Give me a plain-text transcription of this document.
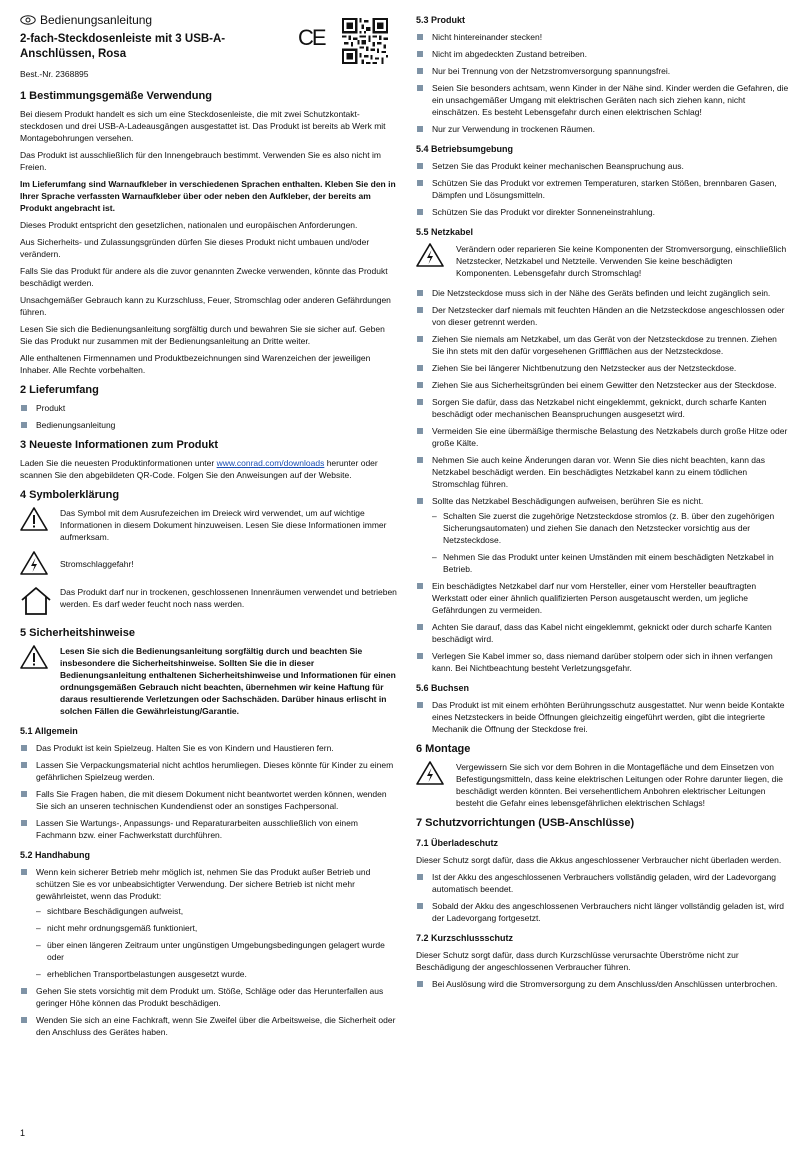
Bedienungsanleitung
2-fach-Steckdosenleiste mit 3 USB-A-Anschlüssen, Rosa
Best.-Nr. 2368895
CE
1 Bestimmungsgemäße Verwendung

Bei diesem Produkt handelt es sich um eine Steckdosenleiste, die mit zwei Schutzkontakt-steckdosen und drei USB-A-Ladeausgängen ausgestattet ist. Das Produkt ist bereits ab Werk mit Montagebohrungen versehen.

Das Produkt ist ausschließlich für den Innengebrauch bestimmt. Verwenden Sie es also nicht im Freien.

Im Lieferumfang sind Warnaufkleber in verschiedenen Sprachen enthalten. Kleben Sie den in Ihrer Sprache verfassten Warnaufkleber über oder neben den Aufkleber, der bereits am Produkt angebracht ist.

Dieses Produkt entspricht den gesetzlichen, nationalen und europäischen Anforderungen.

Aus Sicherheits- und Zulassungsgründen dürfen Sie dieses Produkt nicht umbauen und/oder verändern.

Falls Sie das Produkt für andere als die zuvor genannten Zwecke verwenden, könnte das Produkt beschädigt werden.

Unsachgemäßer Gebrauch kann zu Kurzschluss, Feuer, Stromschlag oder anderen Gefährdungen führen.

Lesen Sie sich die Bedienungsanleitung sorgfältig durch und bewahren Sie sie sicher auf. Geben Sie das Produkt nur zusammen mit der Bedienungsanleitung an Dritte weiter.

Alle enthaltenen Firmennamen und Produktbezeichnungen sind Warenzeichen der jeweiligen Inhaber. Alle Rechte vorbehalten.

2 Lieferumfang
Produkt
Bedienungsanleitung
3 Neueste Informationen zum Produkt

Laden Sie die neuesten Produktinformationen unter www.conrad.com/downloads herunter oder scannen Sie den abgebildeten QR-Code. Folgen Sie den Anweisungen auf der Website.

4 Symbolerklärung
Das Symbol mit dem Ausrufezeichen im Dreieck wird verwendet, um auf wichtige Informationen in diesem Dokument hinzuweisen. Lesen Sie diese Informationen immer aufmerksam.
Stromschlaggefahr!
Das Produkt darf nur in trockenen, geschlossenen Innenräumen verwendet und betrieben werden. Es darf weder feucht noch nass werden.
5 Sicherheitshinweise
Lesen Sie sich die Bedienungsanleitung sorgfältig durch und beachten Sie insbesondere die Sicherheitshinweise. Sollten Sie die in dieser Bedienungsanleitung enthaltenen Sicherheitshinweise und Informationen für einen ordnungsgemäßen Gebrauch nicht beachten, übernehmen wir keine Haftung für daraus resultierende Verletzungen oder Sachschäden. Darüber hinaus erlischt in solchen Fällen die Gewährleistung/Garantie.
5.1 Allgemein
Das Produkt ist kein Spielzeug. Halten Sie es von Kindern und Haustieren fern.
Lassen Sie Verpackungsmaterial nicht achtlos herumliegen. Dieses könnte für Kinder zu einem gefährlichen Spielzeug werden.
Falls Sie Fragen haben, die mit diesem Dokument nicht beantwortet werden können, wenden Sie sich an unseren technischen Kundendienst oder an sonstiges Fachpersonal.
Lassen Sie Wartungs-, Anpassungs- und Reparaturarbeiten ausschließlich von einem Fachmann bzw. einer Fachwerkstatt durchführen.
5.2 Handhabung
Wenn kein sicherer Betrieb mehr möglich ist, nehmen Sie das Produkt außer Betrieb und schützen Sie es vor unbeabsichtigter Verwendung. Der sichere Betrieb ist nicht mehr gewährleistet, wenn das Produkt:
– sichtbare Beschädigungen aufweist,
– nicht mehr ordnungsgemäß funktioniert,
– über einen längeren Zeitraum unter ungünstigen Umgebungsbedingungen gelagert wurde oder
– erheblichen Transportbelastungen ausgesetzt wurde.
Gehen Sie stets vorsichtig mit dem Produkt um. Stöße, Schläge oder das Herunterfallen aus geringer Höhe können das Produkt beschädigen.
Wenden Sie sich an eine Fachkraft, wenn Sie Zweifel über die Arbeitsweise, die Sicherheit oder den Anschluss des Gerätes haben.
5.3 Produkt
Nicht hintereinander stecken!
Nicht im abgedeckten Zustand betreiben.
Nur bei Trennung von der Netzstromversorgung spannungsfrei.
Seien Sie besonders achtsam, wenn Kinder in der Nähe sind. Kinder werden die Gefahren, die ein unsachgemäßer Umgang mit elektrischen Geräten nach sich ziehen kann, nicht einschätzen. Es besteht Lebensgefahr durch einen elektrischen Schlag!
Nur zur Verwendung in trockenen Räumen.
5.4 Betriebsumgebung
Setzen Sie das Produkt keiner mechanischen Beanspruchung aus.
Schützen Sie das Produkt vor extremen Temperaturen, starken Stößen, brennbaren Gasen, Dämpfen und Lösungsmitteln.
Schützen Sie das Produkt vor direkter Sonneneinstrahlung.
5.5 Netzkabel
Verändern oder reparieren Sie keine Komponenten der Stromversorgung, einschließlich Netzstecker, Netzkabel und Netzteile. Verwenden Sie keine beschädigten Komponenten. Lebensgefahr durch Stromschlag!
Die Netzsteckdose muss sich in der Nähe des Geräts befinden und leicht zugänglich sein.
Der Netzstecker darf niemals mit feuchten Händen an die Netzsteckdose angeschlossen oder von dieser getrennt werden.
Ziehen Sie niemals am Netzkabel, um das Gerät von der Netzsteckdose zu trennen. Ziehen Sie ihn stets mit den dafür vorgesehenen Griffflächen aus der Netzsteckdose.
Ziehen Sie bei längerer Nichtbenutzung den Netzstecker aus der Netzsteckdose.
Ziehen Sie aus Sicherheitsgründen bei einem Gewitter den Netzstecker aus der Steckdose.
Sorgen Sie dafür, dass das Netzkabel nicht eingeklemmt, geknickt, durch scharfe Kanten beschädigt oder mechanischen Beanspruchungen ausgesetzt wird.
Vermeiden Sie eine übermäßige thermische Belastung des Netzkabels durch große Hitze oder große Kälte.
Nehmen Sie auch keine Änderungen daran vor. Wenn Sie dies nicht beachten, kann das Netzkabel beschädigt werden. Ein beschädigtes Netzkabel kann zu einem tödlichen Stromschlag führen.
Sollte das Netzkabel Beschädigungen aufweisen, berühren Sie es nicht.
– Schalten Sie zuerst die zugehörige Netzsteckdose stromlos (z. B. über den zugehörigen Sicherungsautomaten) und ziehen Sie danach den Netzstecker vorsichtig aus der Netzsteckdose.
– Nehmen Sie das Produkt unter keinen Umständen mit einem beschädigten Netzkabel in Betrieb.
Ein beschädigtes Netzkabel darf nur vom Hersteller, einer vom Hersteller beauftragten Werkstatt oder einer ähnlich qualifizierten Person ausgetauscht werden, um jegliche Gefährdungen zu vermeiden.
Achten Sie darauf, dass das Kabel nicht eingeklemmt, geknickt oder durch scharfe Kanten beschädigt wird.
Verlegen Sie Kabel immer so, dass niemand darüber stolpern oder sich in ihnen verfangen kann. Bei Nichtbeachtung besteht Verletzungsgefahr.
5.6 Buchsen
Das Produkt ist mit einem erhöhten Berührungsschutz ausgestattet. Nur wenn beide Kontakte eines Netzsteckers in beide Öffnungen gleichzeitig eingeführt werden, gibt die integrierte Mechanik die Öffnung der Steckdose frei.
6 Montage
Vergewissern Sie sich vor dem Bohren in die Montagefläche und dem Einsetzen von Befestigungsmitteln, dass keine elektrischen Leitungen oder Rohre darunter liegen, die beschädigt werden könnten. Bei versehentlichem Anbohren elektrischer Leitungen besteht die Gefahr eines lebensgefährlichen elektrischen Schlags!
7 Schutzvorrichtungen (USB-Anschlüsse)
7.1 Überladeschutz

Dieser Schutz sorgt dafür, dass die Akkus angeschlossener Verbraucher nicht überladen werden.

Ist der Akku des angeschlossenen Verbrauchers vollständig geladen, wird der Ladevorgang automatisch beendet.
Sobald der Akku des angeschlossenen Verbrauchers nicht länger vollständig geladen ist, wird der Ladevorgang fortgesetzt.
7.2 Kurzschlussschutz

Dieser Schutz sorgt dafür, dass durch Kurzschlüsse verursachte Überströme nicht zur Beschädigung der angeschlossenen Verbraucher führen.

Bei Auslösung wird die Stromversorgung zu dem Anschluss/den Anschlüssen unterbrochen.
1
